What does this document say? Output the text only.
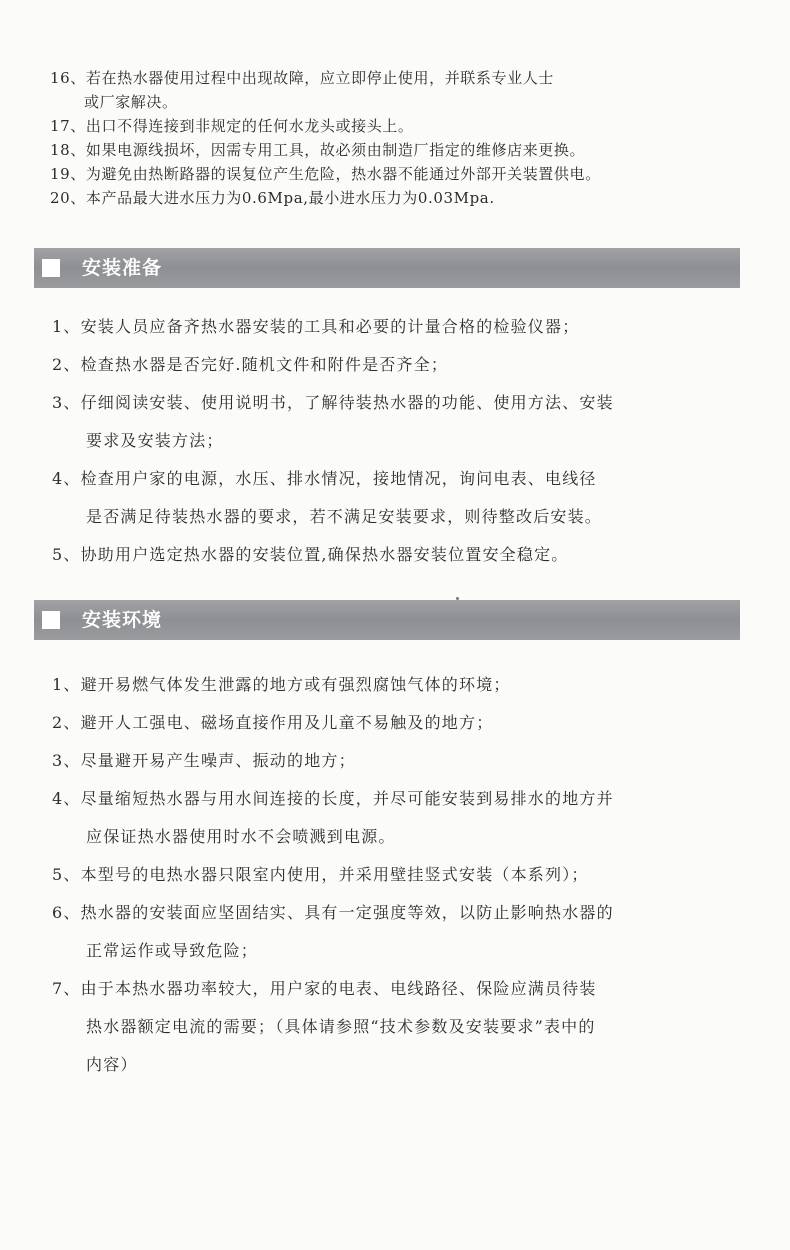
16、若在热水器使用过程中出现故障，应立即停止使用，并联系专业人士
或厂家解决。
17、出口不得连接到非规定的任何水龙头或接头上。
18、如果电源线损坏，因需专用工具，故必须由制造厂指定的维修店来更换。
19、为避免由热断路器的误复位产生危险，热水器不能通过外部开关装置供电。
20、本产品最大进水压力为0.6Mpa,最小进水压力为0.03Mpa.
安装准备
1、安装人员应备齐热水器安装的工具和必要的计量合格的检验仪器；
2、检查热水器是否完好.随机文件和附件是否齐全；
3、仔细阅读安装、使用说明书，了解待装热水器的功能、使用方法、安装
要求及安装方法；
4、检查用户家的电源，水压、排水情况，接地情况，询问电表、电线径
是否满足待装热水器的要求，若不满足安装要求，则待整改后安装。
5、协助用户选定热水器的安装位置,确保热水器安装位置安全稳定。
安装环境
1、避开易燃气体发生泄露的地方或有强烈腐蚀气体的环境；
2、避开人工强电、磁场直接作用及儿童不易触及的地方；
3、尽量避开易产生噪声、振动的地方；
4、尽量缩短热水器与用水间连接的长度，并尽可能安装到易排水的地方并
应保证热水器使用时水不会喷溅到电源。
5、本型号的电热水器只限室内使用，并采用壁挂竖式安装（本系列）；
6、热水器的安装面应坚固结实、具有一定强度等效，以防止影响热水器的
正常运作或导致危险；
7、由于本热水器功率较大，用户家的电表、电线路径、保险应满员待装
热水器额定电流的需要；（具体请参照“技术参数及安装要求”表中的
内容）
